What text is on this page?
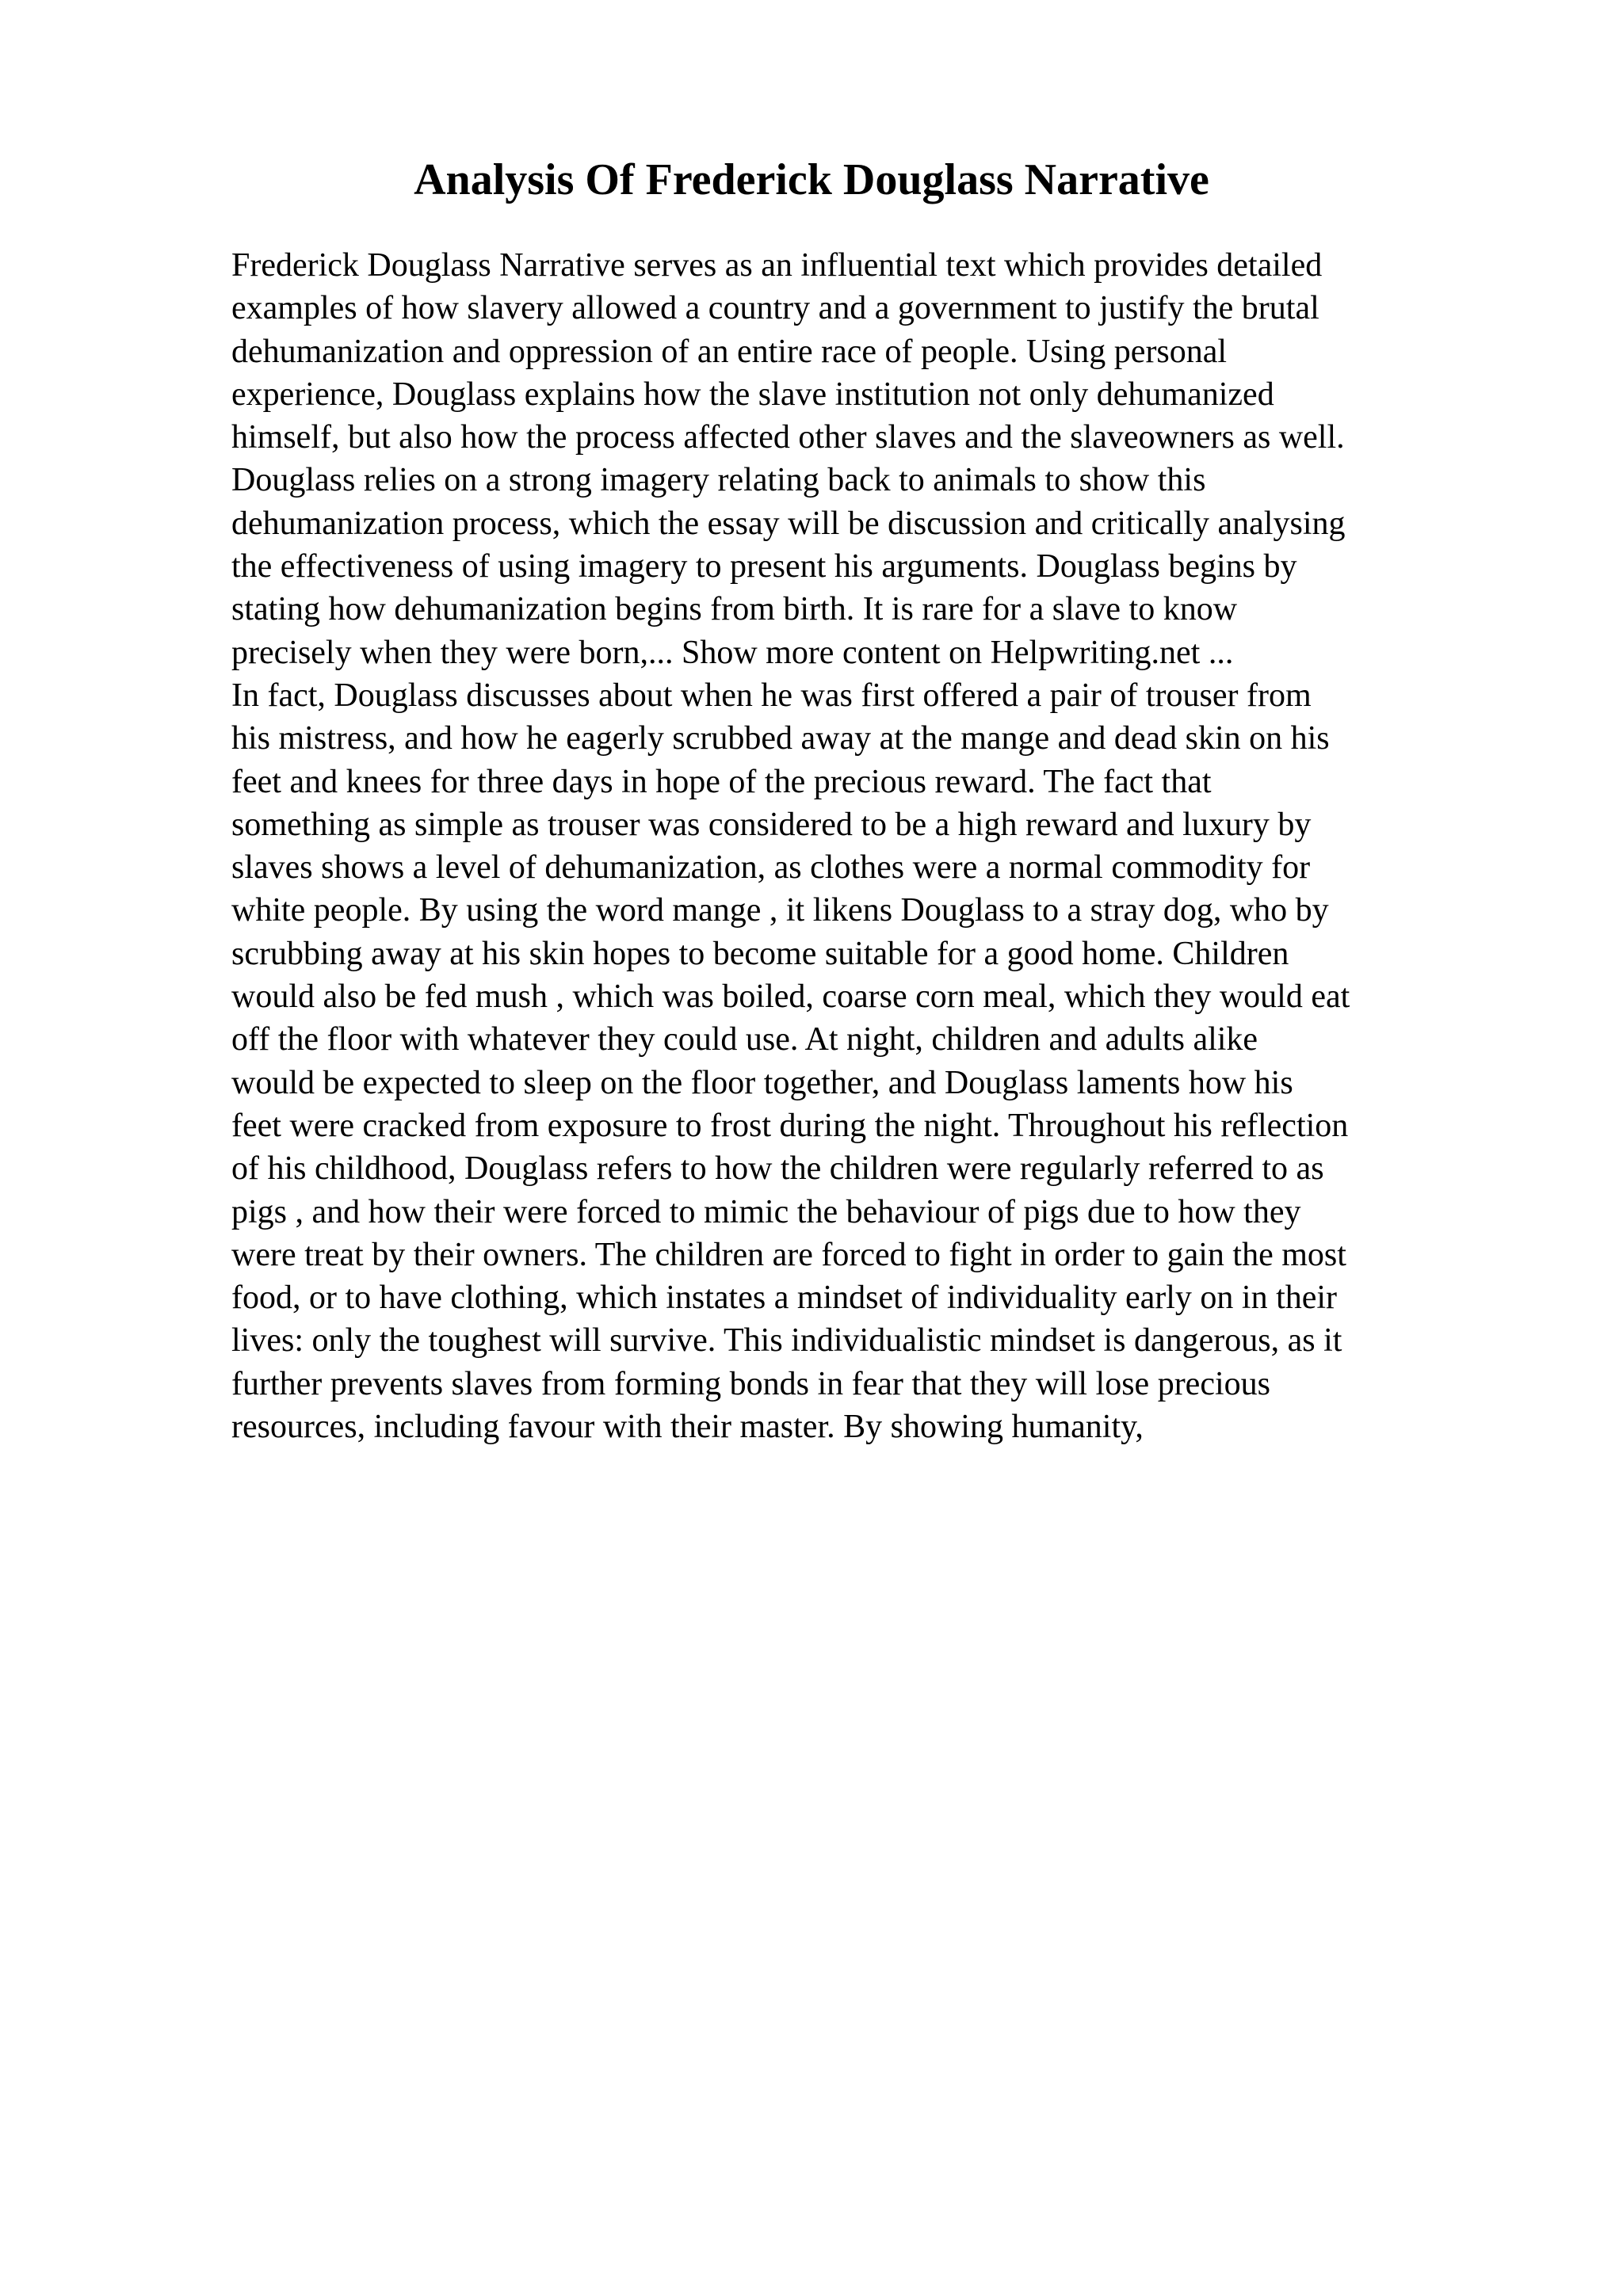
Analysis Of Frederick Douglass Narrative
Frederick Douglass Narrative serves as an influential text which provides detailed
examples of how slavery allowed a country and a government to justify the brutal
dehumanization and oppression of an entire race of people. Using personal
experience, Douglass explains how the slave institution not only dehumanized
himself, but also how the process affected other slaves and the slaveowners as well.
Douglass relies on a strong imagery relating back to animals to show this
dehumanization process, which the essay will be discussion and critically analysing
the effectiveness of using imagery to present his arguments. Douglass begins by
stating how dehumanization begins from birth. It is rare for a slave to know
precisely when they were born,... Show more content on Helpwriting.net ...
In fact, Douglass discusses about when he was first offered a pair of trouser from
his mistress, and how he eagerly scrubbed away at the mange and dead skin on his
feet and knees for three days in hope of the precious reward. The fact that
something as simple as trouser was considered to be a high reward and luxury by
slaves shows a level of dehumanization, as clothes were a normal commodity for
white people. By using the word mange , it likens Douglass to a stray dog, who by
scrubbing away at his skin hopes to become suitable for a good home. Children
would also be fed mush , which was boiled, coarse corn meal, which they would eat
off the floor with whatever they could use. At night, children and adults alike
would be expected to sleep on the floor together, and Douglass laments how his
feet were cracked from exposure to frost during the night. Throughout his reflection
of his childhood, Douglass refers to how the children were regularly referred to as
pigs , and how their were forced to mimic the behaviour of pigs due to how they
were treat by their owners. The children are forced to fight in order to gain the most
food, or to have clothing, which instates a mindset of individuality early on in their
lives: only the toughest will survive. This individualistic mindset is dangerous, as it
further prevents slaves from forming bonds in fear that they will lose precious
resources, including favour with their master. By showing humanity,
